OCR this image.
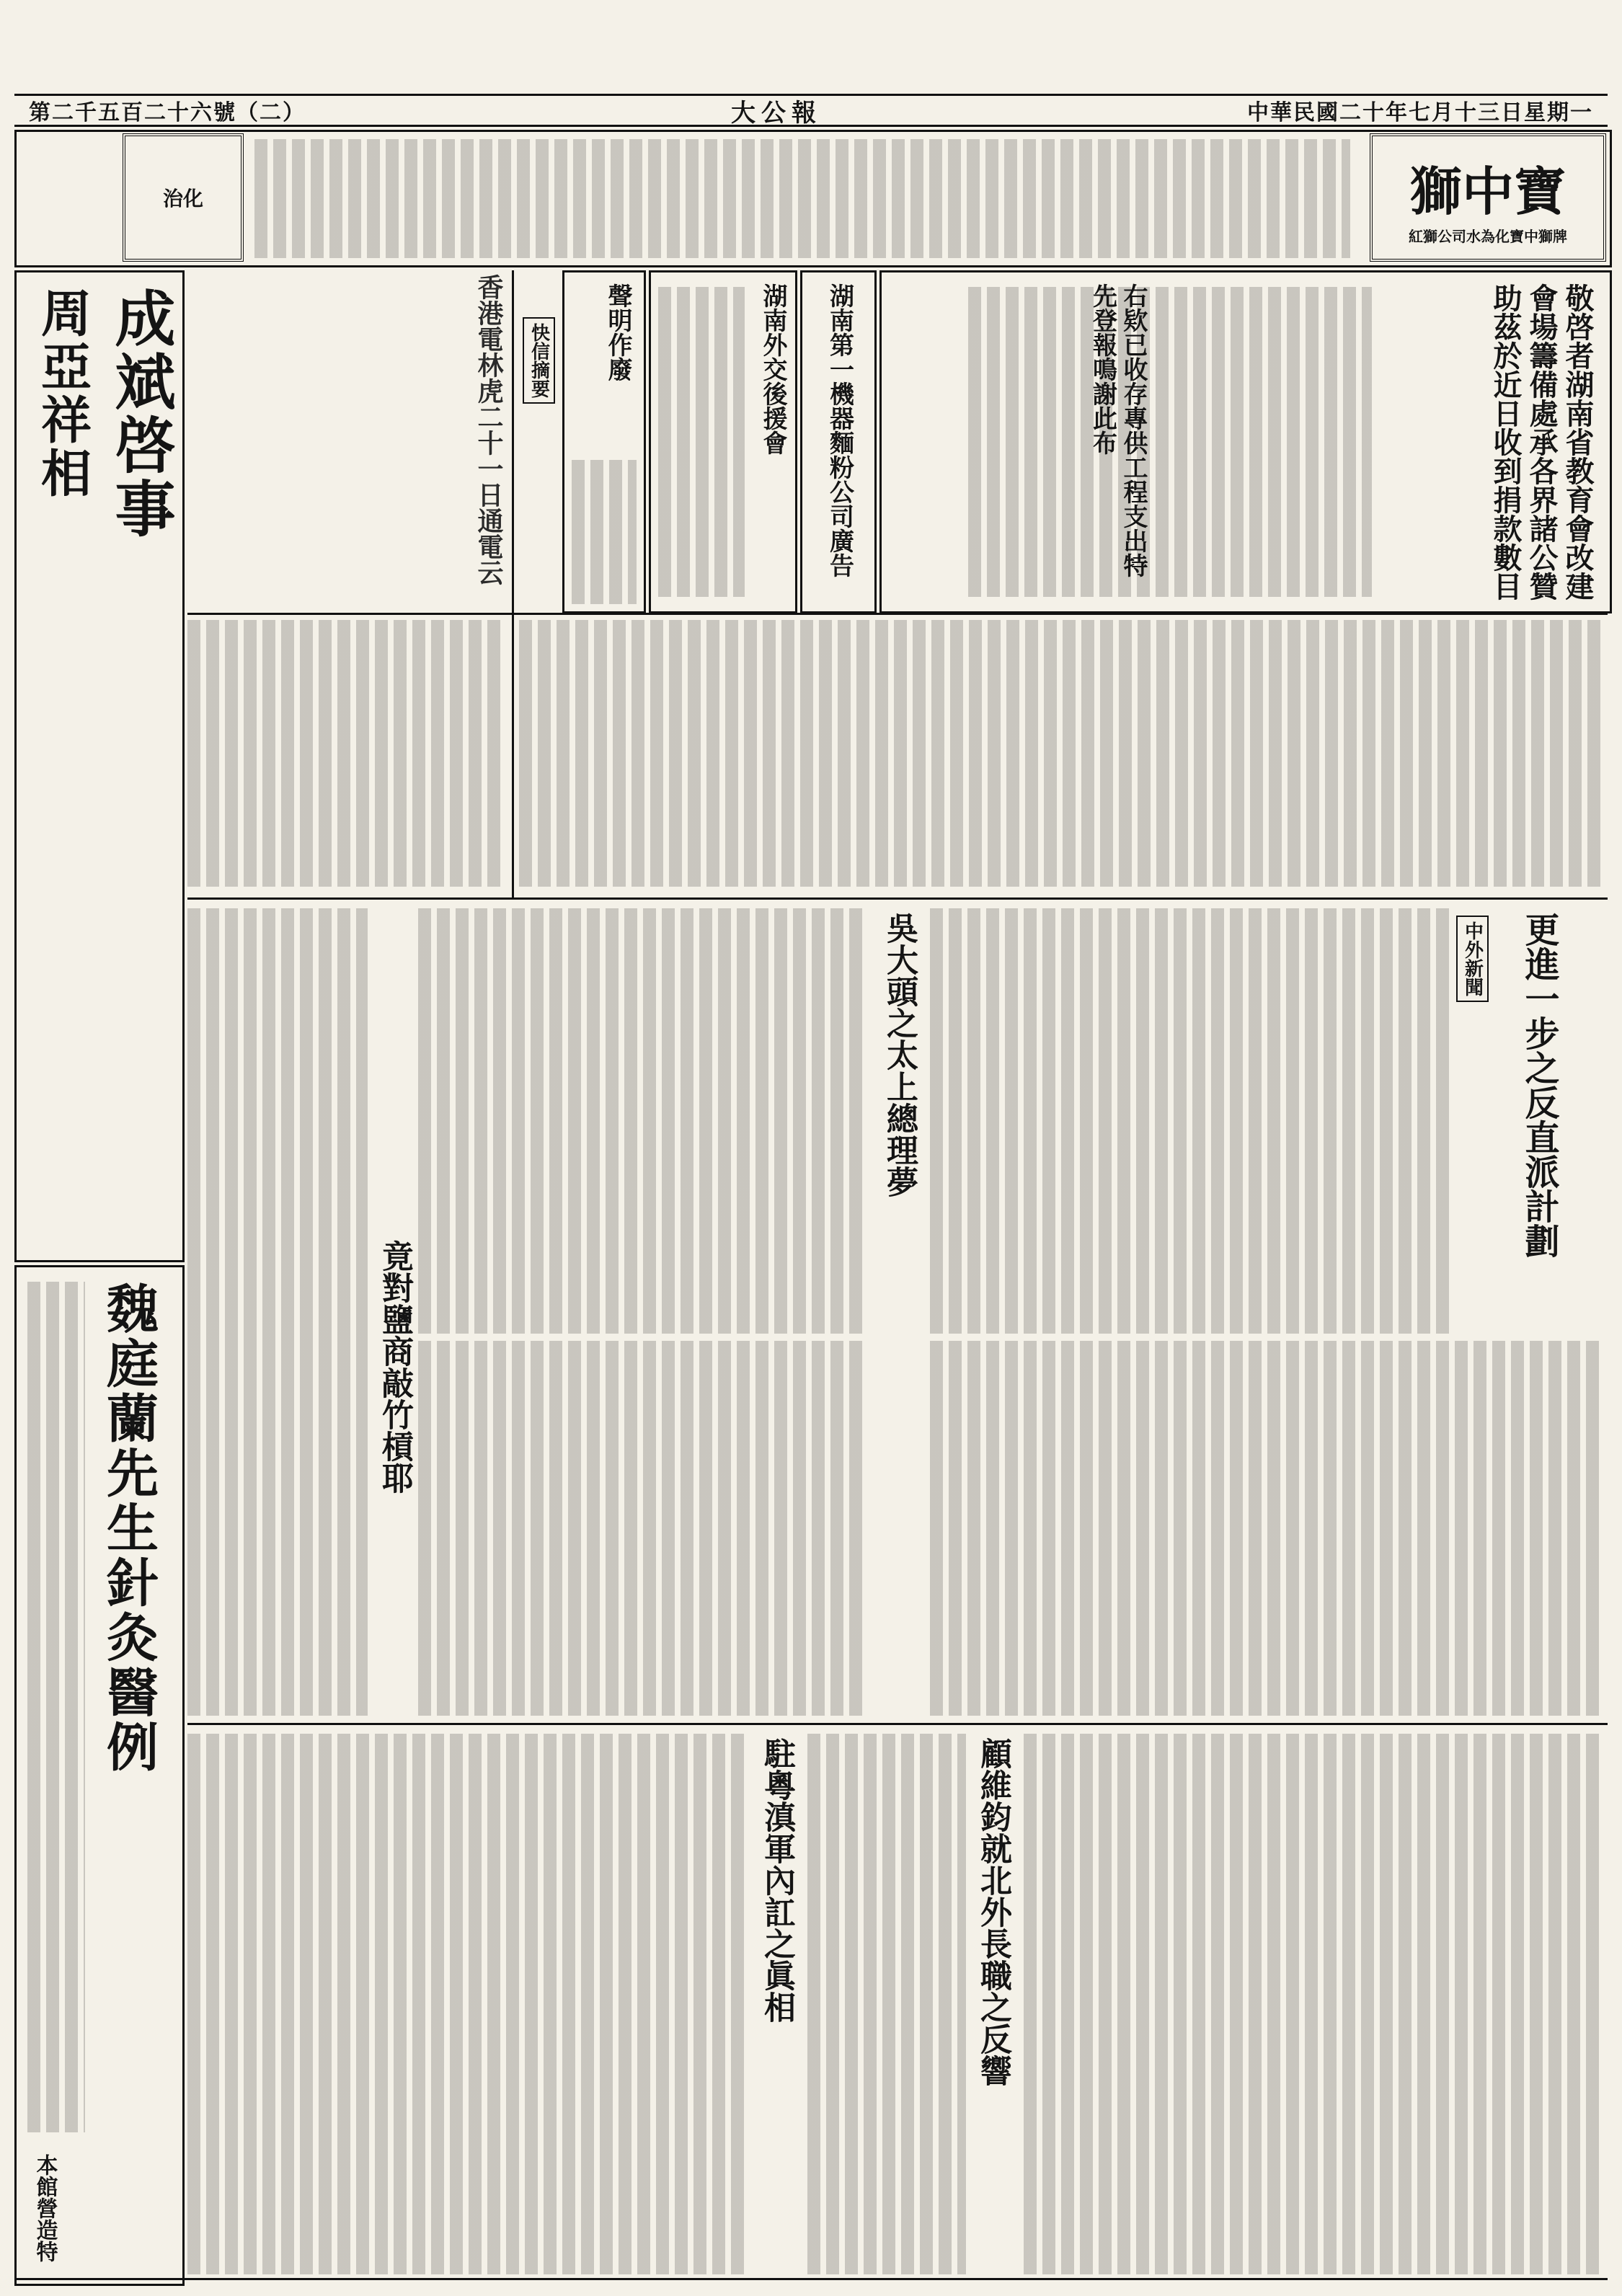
第二千五百二十六號（二）	大公報	中華民國二十年七月十三日星期一
獅中寶
紅獅公司水為化寶中獅牌
治化
敬啓者湖南省教育會改建會場籌備處承各界諸公贊助茲於近日收到捐款數目
右欵已收存專供工程支出特先登報鳴謝此布
湖南第一機器麵粉公司廣告
湖南外交後援會
聲明作廢
快信摘要
香港電林虎二十一日通電云
成斌啓事
周亞祥相
魏庭蘭先生針灸醫例
本館營造特
更進一步之反直派計劃
中外新聞
吳大頭之太上總理夢
竟對鹽商敲竹槓耶
顧維鈞就北外長職之反響
駐粵滇軍內訌之眞相
